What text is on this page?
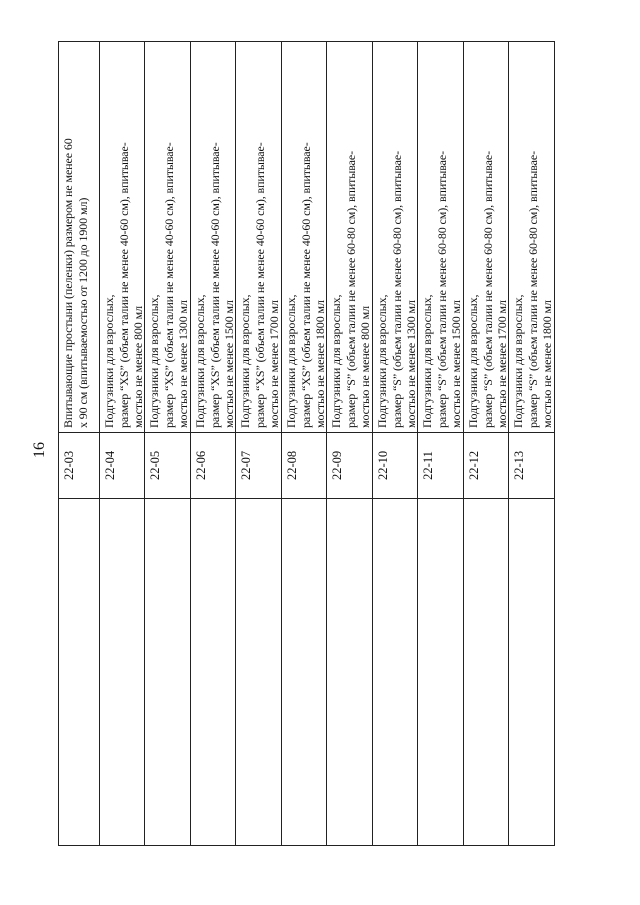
16
22-03
Впитывающие простыни (пеленки) размером не менее 60 х 90 см (впитываемостью от 1200 до 1900 мл)
22-04
Подгузники для взрослых, размер “XS” (объем талии не менее 40-60 см), впитывае- мостью не менее 800 мл
22-05
Подгузники для взрослых, размер “XS” (объем талии не менее 40-60 см), впитывае- мостью не менее 1300 мл
22-06
Подгузники для взрослых, размер “XS” (объем талии не менее 40-60 см), впитывае- мостью не менее 1500 мл
22-07
Подгузники для взрослых, размер “XS” (объем талии не менее 40-60 см), впитывае- мостью не менее 1700 мл
22-08
Подгузники для взрослых, размер “XS” (объем талии не менее 40-60 см), впитывае- мостью не менее 1800 мл
22-09
Подгузники для взрослых, размер “S” (объем талии не менее 60-80 см), впитывае- мостью не менее 800 мл
22-10
Подгузники для взрослых, размер “S” (объем талии не менее 60-80 см), впитывае- мостью не менее 1300 мл
22-11
Подгузники для взрослых, размер “S” (объем талии не менее 60-80 см), впитывае- мостью не менее 1500 мл
22-12
Подгузники для взрослых, размер “S” (объем талии не менее 60-80 см), впитывае- мостью не менее 1700 мл
22-13
Подгузники для взрослых, размер “S” (объем талии не менее 60-80 см), впитывае- мостью не менее 1800 мл
